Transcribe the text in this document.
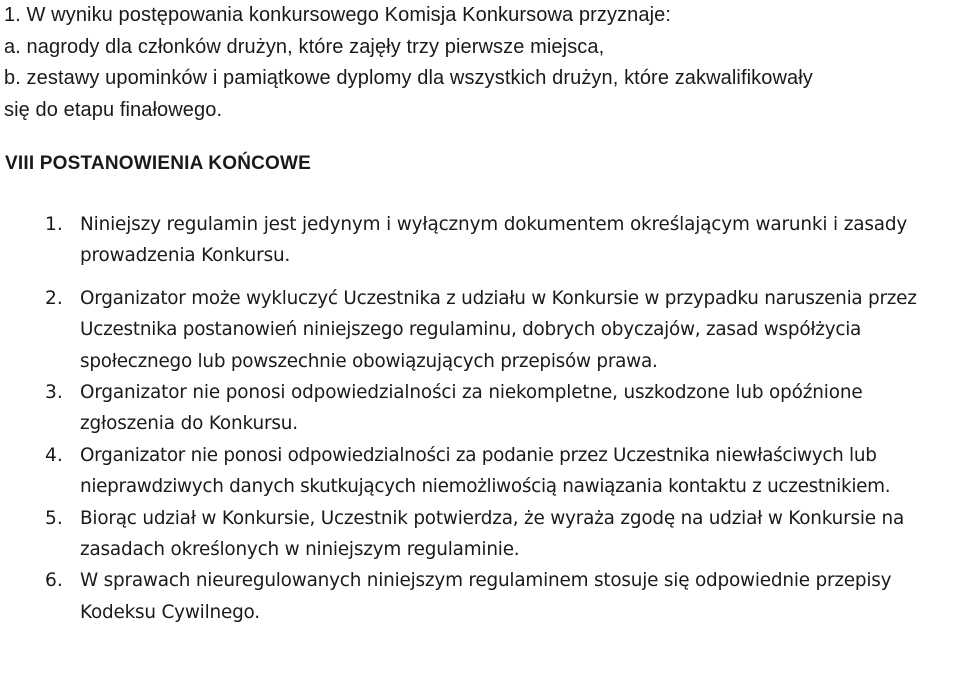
1. W wyniku postępowania konkursowego Komisja Konkursowa przyznaje:
a. nagrody dla członków drużyn, które zajęły trzy pierwsze miejsca,
b. zestawy upominków i pamiątkowe dyplomy dla wszystkich drużyn, które zakwalifikowały
się do etapu finałowego.
VIII POSTANOWIENIA KOŃCOWE
1. Niniejszy regulamin jest jedynym i wyłącznym dokumentem określającym warunki i zasady prowadzenia Konkursu.
2. Organizator może wykluczyć Uczestnika z udziału w Konkursie w przypadku naruszenia przez Uczestnika postanowień niniejszego regulaminu, dobrych obyczajów, zasad współżycia społecznego lub powszechnie obowiązujących przepisów prawa.
3. Organizator nie ponosi odpowiedzialności za niekompletne, uszkodzone lub opóźnione zgłoszenia do Konkursu.
4. Organizator nie ponosi odpowiedzialności za podanie przez Uczestnika niewłaściwych lub nieprawdziwych danych skutkujących niemożliwością nawiązania kontaktu z uczestnikiem.
5. Biorąc udział w Konkursie, Uczestnik potwierdza, że wyraża zgodę na udział w Konkursie na zasadach określonych w niniejszym regulaminie.
6. W sprawach nieuregulowanych niniejszym regulaminem stosuje się odpowiednie przepisy Kodeksu Cywilnego.
